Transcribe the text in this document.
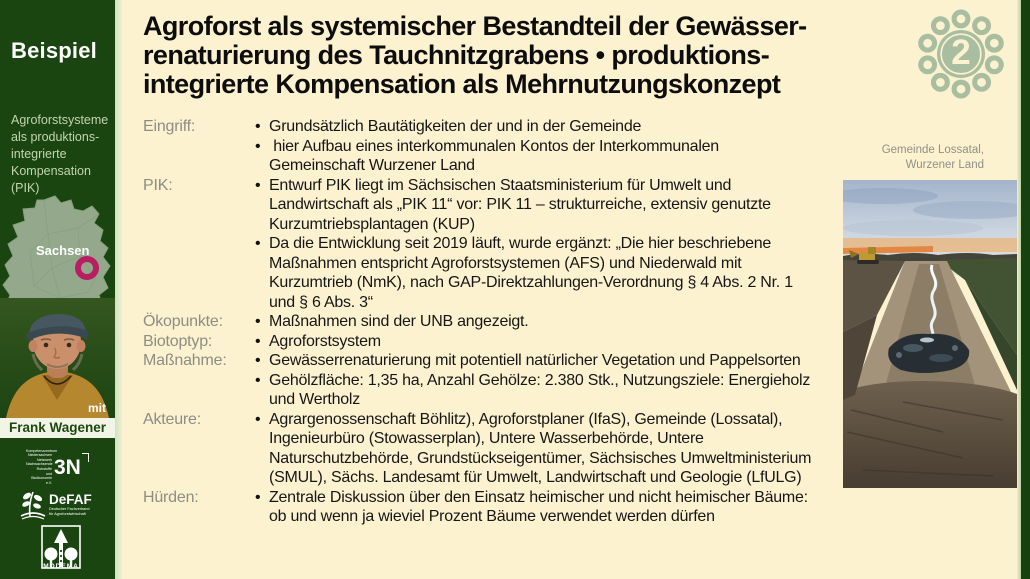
Beispiel
Agroforstsysteme als produktions-integrierte Kompensation (PIK)
Sachsen
mit
Frank Wagener
Kompetenzzentrum
Niedersachsen Netzwerk
Nachwachsende Rohstoffe
und Bioökonomie e.V.
3N
DeFAF
Deutscher Fachverband
für Agroforstwirtschaft
MODEMA
Agroforst als systemischer Bestandteil der Gewässer-
renaturierung des Tauchnitzgrabens • produktions-
integrierte Kompensation als Mehrnutzungskonzept
2
Gemeinde Lossatal,
Wurzener Land
Eingriff:	• Grundsätzlich Bautätigkeiten der und in der Gemeinde
•  hier Aufbau eines interkommunalen Kontos der Interkommunalen Gemeinschaft Wurzener Land
PIK:	• Entwurf PIK liegt im Sächsischen Staatsministerium für Umwelt und Landwirtschaft als „PIK 11“ vor: PIK 11 – strukturreiche, extensiv genutzte Kurzumtriebsplantagen (KUP)
• Da die Entwicklung seit 2019 läuft, wurde ergänzt: „Die hier beschriebene Maßnahmen entspricht Agroforstsystemen (AFS) und Niederwald mit Kurzumtrieb (NmK), nach GAP-Direktzahlungen-Verordnung § 4 Abs. 2 Nr. 1 und § 6 Abs. 3“
Ökopunkte:	• Maßnahmen sind der UNB angezeigt.
Biotoptyp:	• Agroforstsystem
Maßnahme:	• Gewässerrenaturierung mit potentiell natürlicher Vegetation und Pappelsorten
• Gehölzfläche: 1,35 ha, Anzahl Gehölze: 2.380 Stk., Nutzungsziele: Energieholz und Wertholz
Akteure:	• Agrargenossenschaft Böhlitz), Agroforstplaner (IfaS), Gemeinde (Lossatal), Ingenieurbüro (Stowasserplan), Untere Wasserbehörde, Untere Naturschutzbehörde, Grundstückseigentümer, Sächsisches Umweltministerium (SMUL), Sächs. Landesamt für Umwelt, Landwirtschaft und Geologie (LfULG)
Hürden:	• Zentrale Diskussion über den Einsatz heimischer und nicht heimischer Bäume: ob und wenn ja wieviel Prozent Bäume verwendet werden dürfen
